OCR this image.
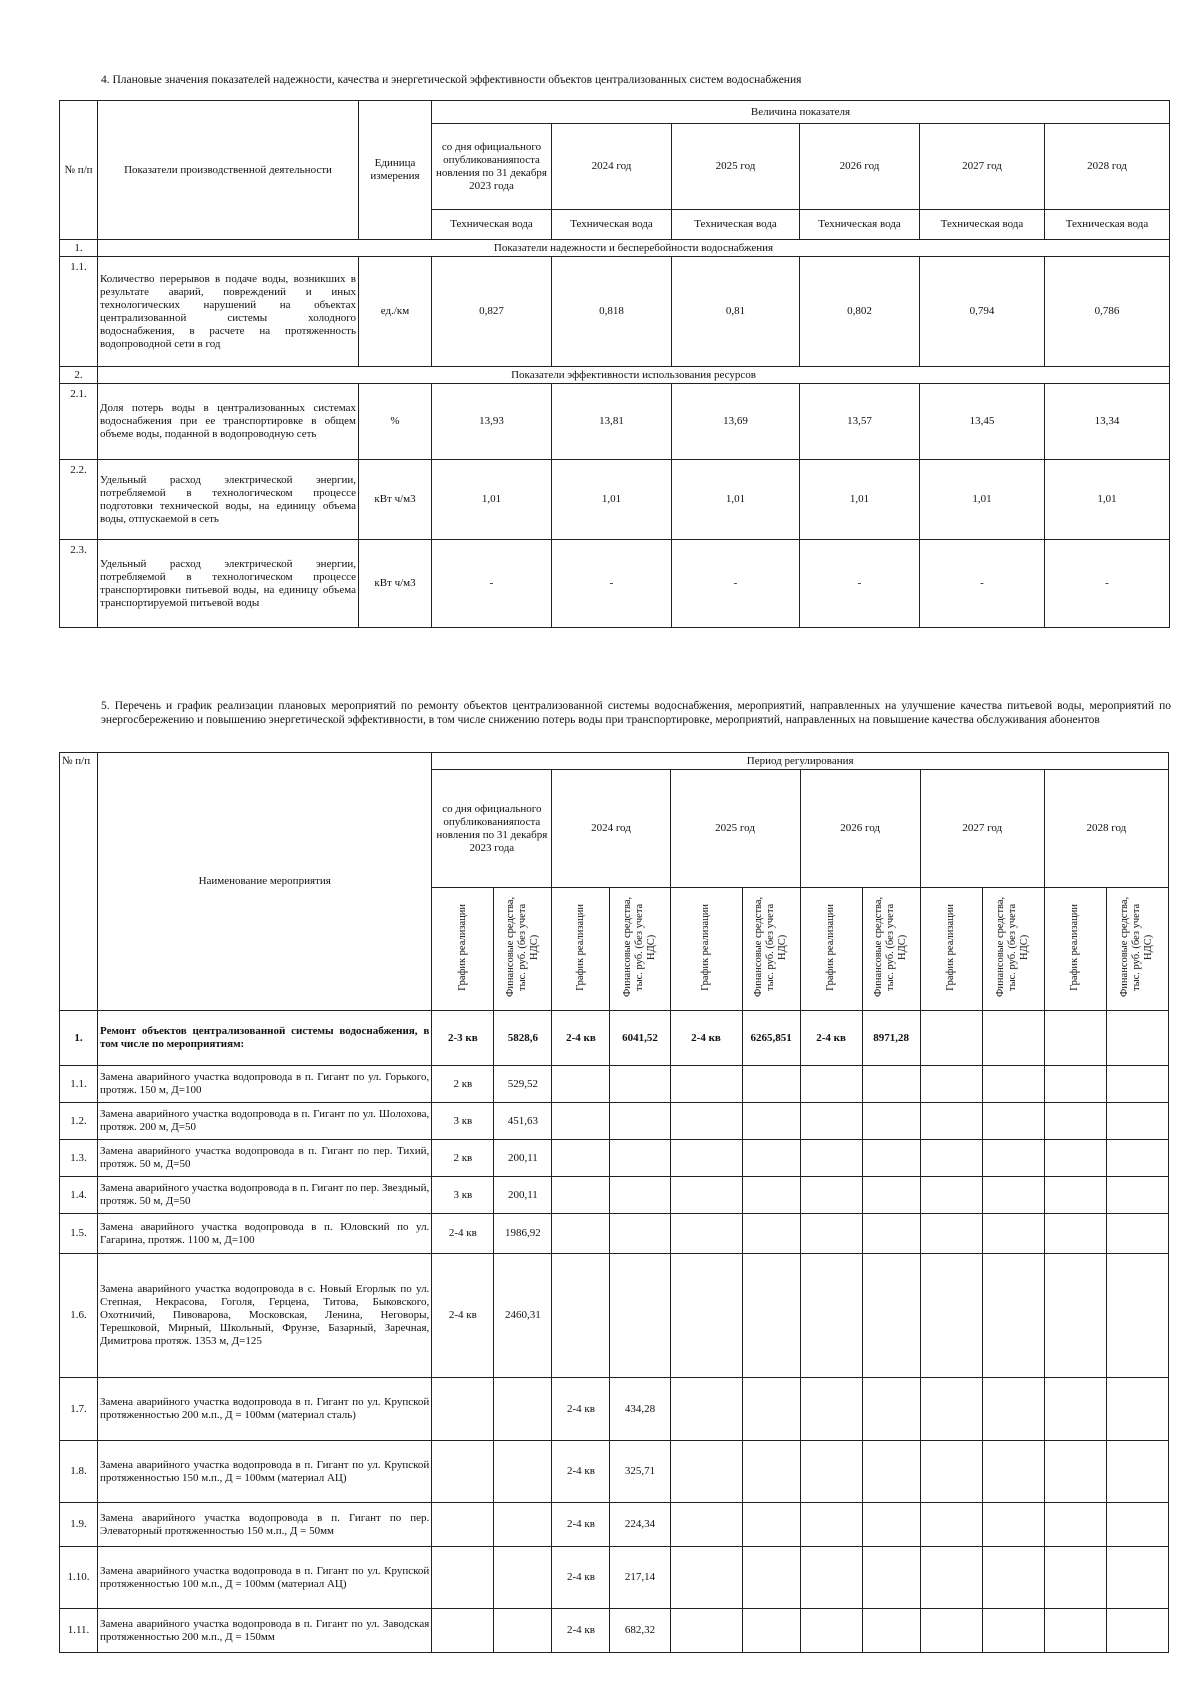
4. Плановые значения показателей надежности, качества и энергетической эффективности объектов централизованных систем водоснабжения
№ п/п	Показатели производственной деятельности	Единица измерения	Величина показателя					
			со дня официального опубликованияпоста новления по 31 декабря 2023 года	2024 год	2025 год	2026 год	2027 год	2028 год
			Техническая вода	Техническая вода	Техническая вода	Техническая вода	Техническая вода	Техническая вода
1.	Показатели надежности и бесперебойности водоснабжения							
1.1.	Количество перерывов в подаче воды, возникших в результате аварий, повреждений и иных технологических нарушений на объектах централизованной системы холодного водоснабжения, в расчете на протяженность водопроводной сети в год	ед./км	0,827	0,818	0,81	0,802	0,794	0,786
2.	Показатели эффективности использования ресурсов							
2.1.	Доля потерь воды в централизованных системах водоснабжения при ее транспортировке в общем объеме воды, поданной в водопроводную сеть	%	13,93	13,81	13,69	13,57	13,45	13,34
2.2.	Удельный расход электрической энергии, потребляемой в технологическом процессе подготовки технической воды, на единицу объема воды, отпускаемой в сеть	кВт ч/м3	1,01	1,01	1,01	1,01	1,01	1,01
2.3.	Удельный расход электрической энергии, потребляемой в технологическом процессе транспортировки питьевой воды, на единицу объема транспортируемой питьевой воды	кВт ч/м3	-	-	-	-	-	-
5. Перечень и график реализации плановых мероприятий по ремонту объектов централизованной системы водоснабжения, мероприятий, направленных на улучшение качества питьевой воды, мероприятий по энергосбережению и повышению энергетической эффективности, в том числе снижению потерь воды при транспортировке, мероприятий, направленных на повышение качества обслуживания абонентов
№ п/п	Наименование мероприятия	Период регулирования											
		со дня официального опубликованияпоста новления по 31 декабря 2023 года		2024 год		2025 год		2026 год		2027 год		2028 год	
		График реализации	Финансовые средства, тыс. руб. (без учета НДС)	График реализации	Финансовые средства, тыс. руб. (без учета НДС)	График реализации	Финансовые средства, тыс. руб. (без учета НДС)	График реализации	Финансовые средства, тыс. руб. (без учета НДС)	График реализации	Финансовые средства, тыс. руб. (без учета НДС)	График реализации	Финансовые средства, тыс. руб. (без учета НДС)
1.	Ремонт объектов централизованной системы водоснабжения, в том числе по мероприятиям:	2-3 кв	5828,6	2-4 кв	6041,52	2-4 кв	6265,851	2-4 кв	8971,28				
1.1.	Замена аварийного участка водопровода в п. Гигант по ул. Горького, протяж. 150 м, Д=100	2 кв	529,52										
1.2.	Замена аварийного участка водопровода в п. Гигант по ул. Шолохова, протяж. 200 м, Д=50	3 кв	451,63										
1.3.	Замена аварийного участка водопровода в п. Гигант по пер. Тихий, протяж. 50 м, Д=50	2 кв	200,11										
1.4.	Замена аварийного участка водопровода в п. Гигант по пер. Звездный, протяж. 50 м, Д=50	3 кв	200,11										
1.5.	Замена аварийного участка водопровода в п. Юловский по ул. Гагарина, протяж. 1100 м, Д=100	2-4 кв	1986,92										
1.6.	Замена аварийного участка водопровода в с. Новый Егорлык по ул. Степная, Некрасова, Гоголя, Герцена, Титова, Быковского, Охотничий, Пивоварова, Московская, Ленина, Неговоры, Терешковой, Мирный, Школьный, Фрунзе, Базарный, Заречная, Димитрова протяж. 1353 м, Д=125	2-4 кв	2460,31										
1.7.	Замена аварийного участка водопровода в п. Гигант по ул. Крупской протяженностью 200 м.п., Д = 100мм (материал сталь)			2-4 кв	434,28								
1.8.	Замена аварийного участка водопровода в п. Гигант по ул. Крупской протяженностью 150 м.п., Д = 100мм (материал АЦ)			2-4 кв	325,71								
1.9.	Замена аварийного участка водопровода в п. Гигант по пер. Элеваторный протяженностью 150 м.п., Д = 50мм			2-4 кв	224,34								
1.10.	Замена аварийного участка водопровода в п. Гигант по ул. Крупской протяженностью 100 м.п., Д = 100мм (материал АЦ)			2-4 кв	217,14								
1.11.	Замена аварийного участка водопровода в п. Гигант по ул. Заводская протяженностью 200 м.п., Д = 150мм			2-4 кв	682,32								
